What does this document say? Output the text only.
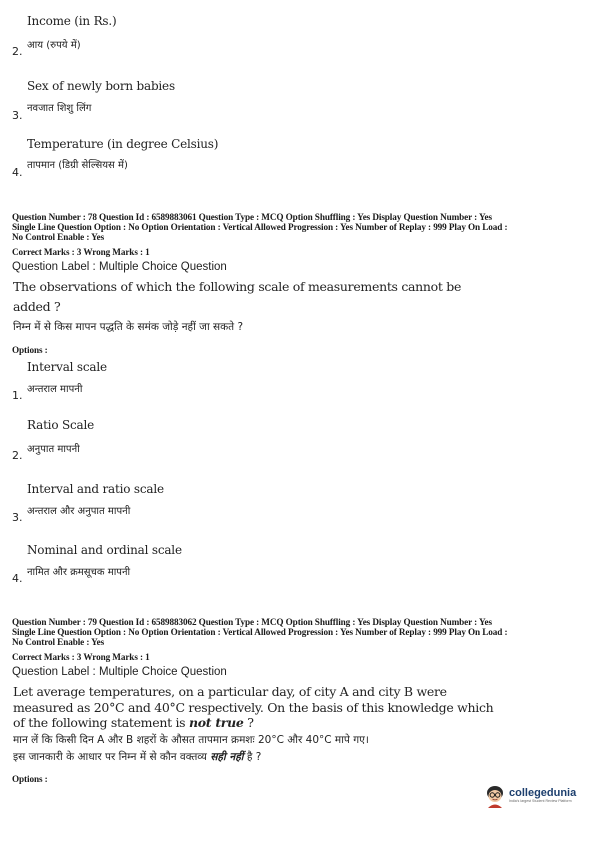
Income (in Rs.)
आय (रुपये में)
2.
Sex of newly born babies
नवजात शिशु लिंग
3.
Temperature (in degree Celsius)
तापमान (डिग्री सेल्सियस में)
4.
Question Number : 78 Question Id : 6589883061 Question Type : MCQ Option Shuffling : Yes Display Question Number : Yes
Single Line Question Option : No Option Orientation : Vertical Allowed Progression : Yes Number of Replay : 999 Play On Load :
No Control Enable : Yes
Correct Marks : 3 Wrong Marks : 1
Question Label : Multiple Choice Question
The observations of which the following scale of measurements cannot be
added ?
निम्न में से किस मापन पद्धति के समंक जोड़े नहीं जा सकते ?
Options :
Interval scale
अन्तराल मापनी
1.
Ratio Scale
अनुपात मापनी
2.
Interval and ratio scale
अन्तराल और अनुपात मापनी
3.
Nominal and ordinal scale
नामित और क्रमसूचक मापनी
4.
Question Number : 79 Question Id : 6589883062 Question Type : MCQ Option Shuffling : Yes Display Question Number : Yes
Single Line Question Option : No Option Orientation : Vertical Allowed Progression : Yes Number of Replay : 999 Play On Load :
No Control Enable : Yes
Correct Marks : 3 Wrong Marks : 1
Question Label : Multiple Choice Question
Let average temperatures, on a particular day, of city A and city B were
measured as 20°C and 40°C respectively. On the basis of this knowledge which
of the following statement is not true ?
मान लें कि किसी दिन A और B शहरों के औसत तापमान क्रमशः 20°C और 40°C मापे गए।
इस जानकारी के आधार पर निम्न में से कौन वक्तव्य सही नहीं है ?
Options :
collegedunia
India's largest Student Review Platform
